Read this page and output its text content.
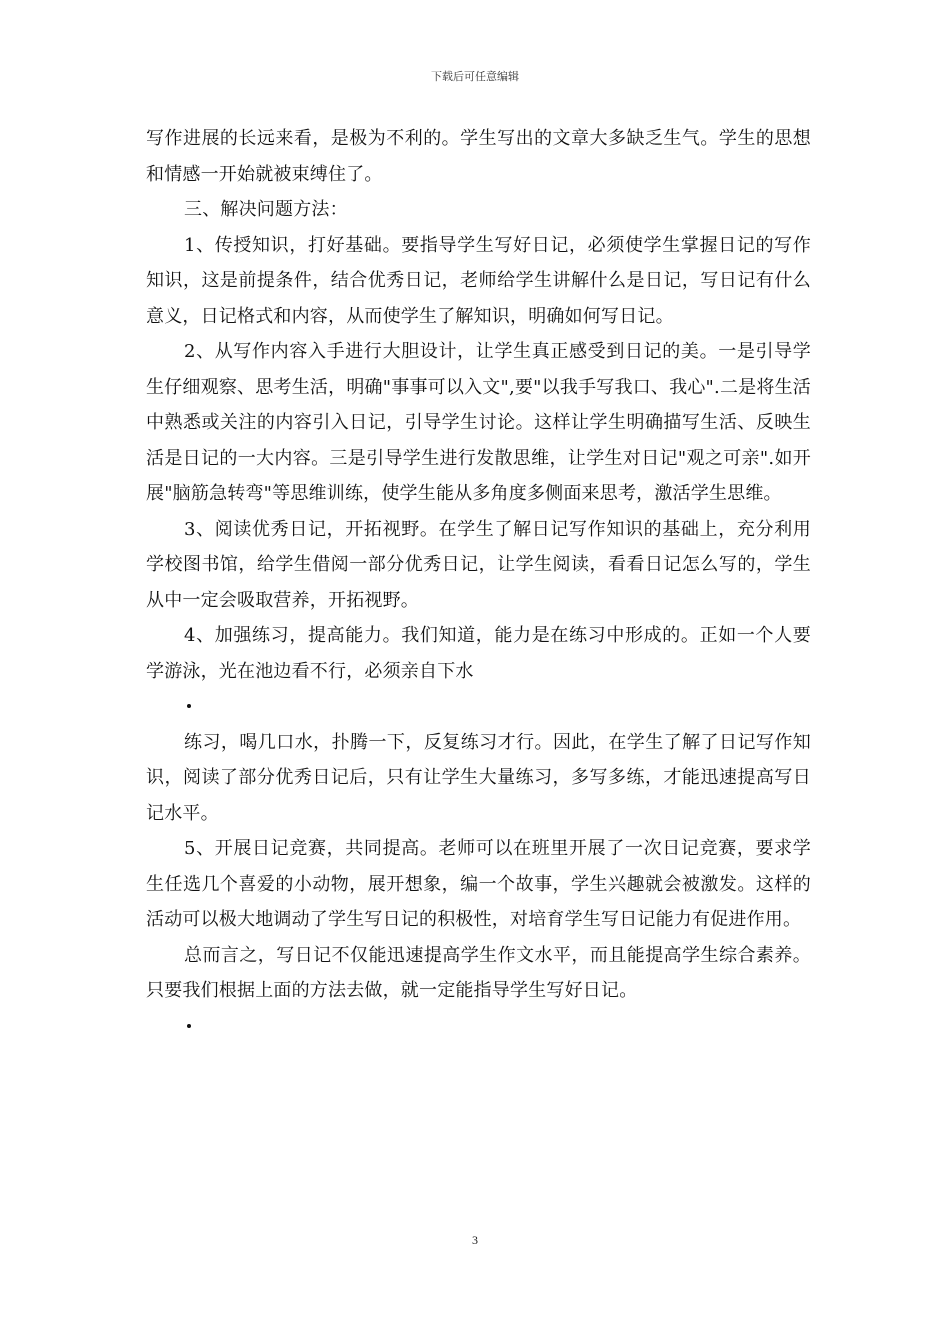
下载后可任意编辑

写作进展的长远来看，是极为不利的。学生写出的文章大多缺乏生气。学生的思想和情感一开始就被束缚住了。

三、解决问题方法：

1、传授知识，打好基础。要指导学生写好日记，必须使学生掌握日记的写作知识，这是前提条件，结合优秀日记，老师给学生讲解什么是日记，写日记有什么意义，日记格式和内容，从而使学生了解知识，明确如何写日记。

2、从写作内容入手进行大胆设计，让学生真正感受到日记的美。一是引导学生仔细观察、思考生活，明确"事事可以入文",要"以我手写我口、我心".二是将生活中熟悉或关注的内容引入日记，引导学生讨论。这样让学生明确描写生活、反映生活是日记的一大内容。三是引导学生进行发散思维，让学生对日记"观之可亲".如开展"脑筋急转弯"等思维训练，使学生能从多角度多侧面来思考，激活学生思维。

3、阅读优秀日记，开拓视野。在学生了解日记写作知识的基础上，充分利用学校图书馆，给学生借阅一部分优秀日记，让学生阅读，看看日记怎么写的，学生从中一定会吸取营养，开拓视野。

4、加强练习，提高能力。我们知道，能力是在练习中形成的。正如一个人要学游泳，光在池边看不行，必须亲自下水

练习，喝几口水，扑腾一下，反复练习才行。因此，在学生了解了日记写作知识，阅读了部分优秀日记后，只有让学生大量练习，多写多练，才能迅速提高写日记水平。

5、开展日记竞赛，共同提高。老师可以在班里开展了一次日记竞赛，要求学生任选几个喜爱的小动物，展开想象，编一个故事，学生兴趣就会被激发。这样的活动可以极大地调动了学生写日记的积极性，对培育学生写日记能力有促进作用。

总而言之，写日记不仅能迅速提高学生作文水平，而且能提高学生综合素养。只要我们根据上面的方法去做，就一定能指导学生写好日记。

3
